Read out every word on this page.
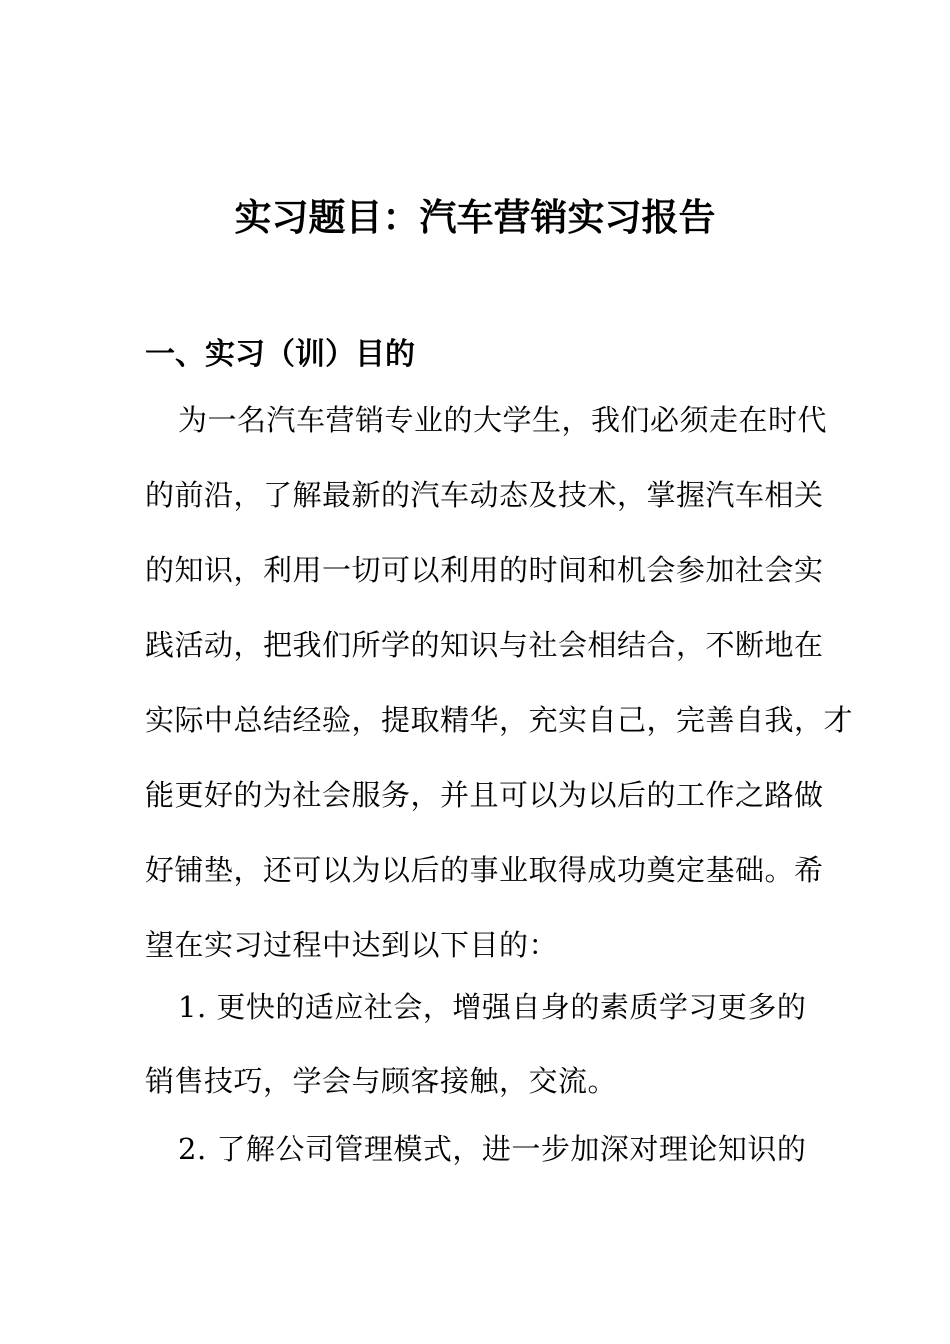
实习题目：汽车营销实习报告
一、实习（训）目的
为一名汽车营销专业的大学生，我们必须走在时代
的前沿，了解最新的汽车动态及技术，掌握汽车相关
的知识，利用一切可以利用的时间和机会参加社会实
践活动，把我们所学的知识与社会相结合，不断地在
实际中总结经验，提取精华，充实自己，完善自我，才
能更好的为社会服务，并且可以为以后的工作之路做
好铺垫，还可以为以后的事业取得成功奠定基础。希
望在实习过程中达到以下目的：
1. 更快的适应社会，增强自身的素质学习更多的
销售技巧，学会与顾客接触，交流。
2. 了解公司管理模式，进一步加深对理论知识的
